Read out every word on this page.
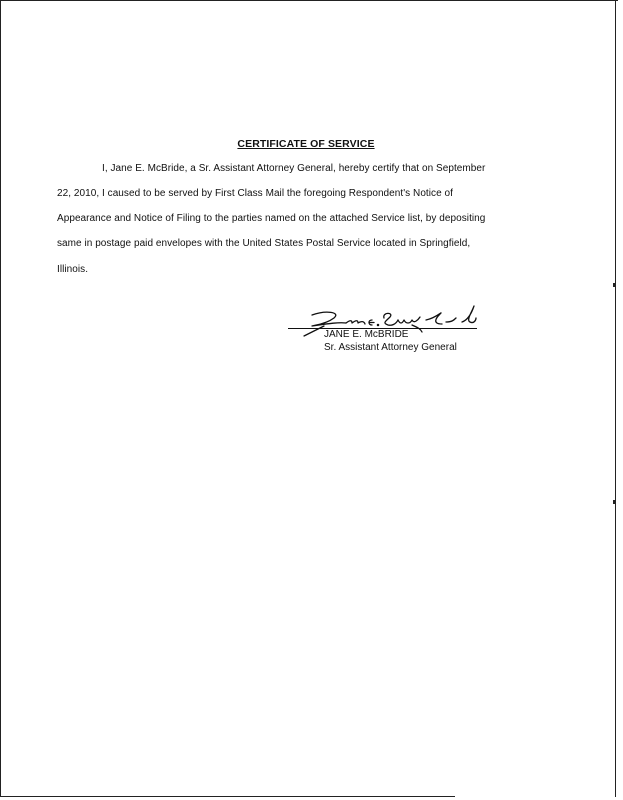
CERTIFICATE OF SERVICE
I, Jane E. McBride, a Sr. Assistant Attorney General, hereby certify that on September
22, 2010, I caused to be served by First Class Mail the foregoing Respondent's Notice of
Appearance and Notice of Filing to the parties named on the attached Service list, by depositing
same in postage paid envelopes with the United States Postal Service located in Springfield,
Illinois.
JANE E. McBRIDE
Sr. Assistant Attorney General
